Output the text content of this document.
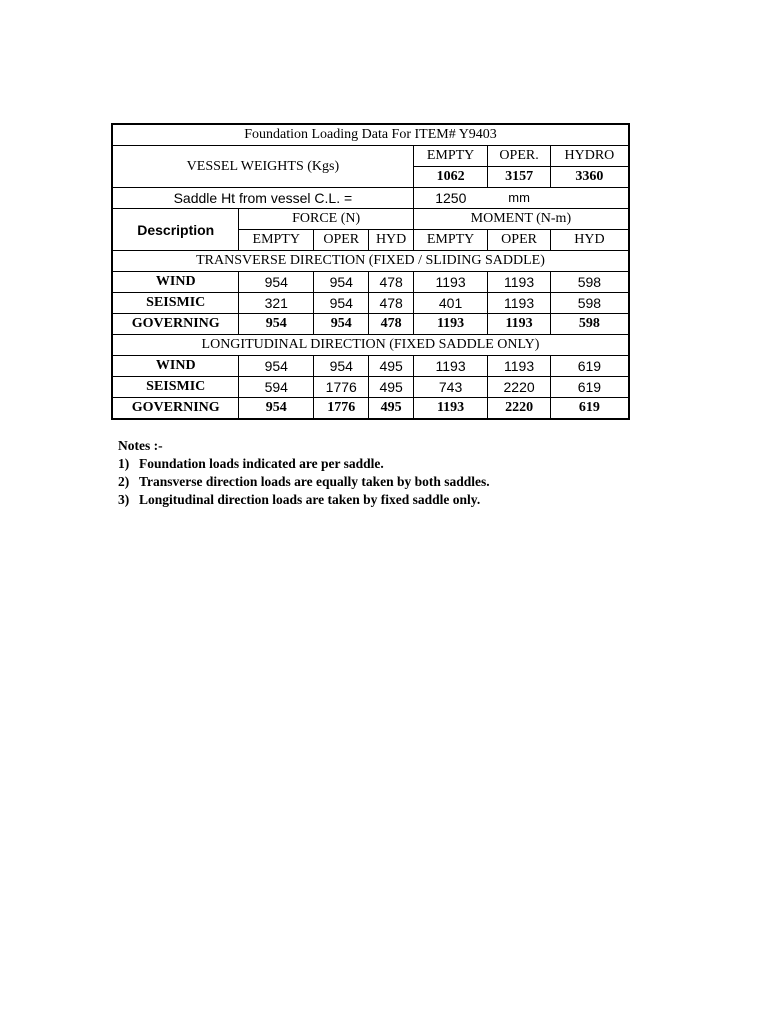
Foundation Loading Data For ITEM# Y9403						
VESSEL WEIGHTS (Kgs)				EMPTY	OPER.	HYDRO
				1062	3157	3360
Saddle Ht from vessel C.L. =				1250	mm	
Description	FORCE (N)			MOMENT (N-m)		
	EMPTY	OPER	HYD	EMPTY	OPER	HYD
TRANSVERSE DIRECTION (FIXED / SLIDING SADDLE)						
WIND	954	954	478	1193	1193	598
SEISMIC	321	954	478	401	1193	598
GOVERNING	954	954	478	1193	1193	598
LONGITUDINAL DIRECTION (FIXED SADDLE ONLY)						
WIND	954	954	495	1193	1193	619
SEISMIC	594	1776	495	743	2220	619
GOVERNING	954	1776	495	1193	2220	619
Notes :-
1) Foundation loads indicated are per saddle.
2) Transverse direction loads are equally taken by both saddles.
3) Longitudinal direction loads are taken by fixed saddle only.
